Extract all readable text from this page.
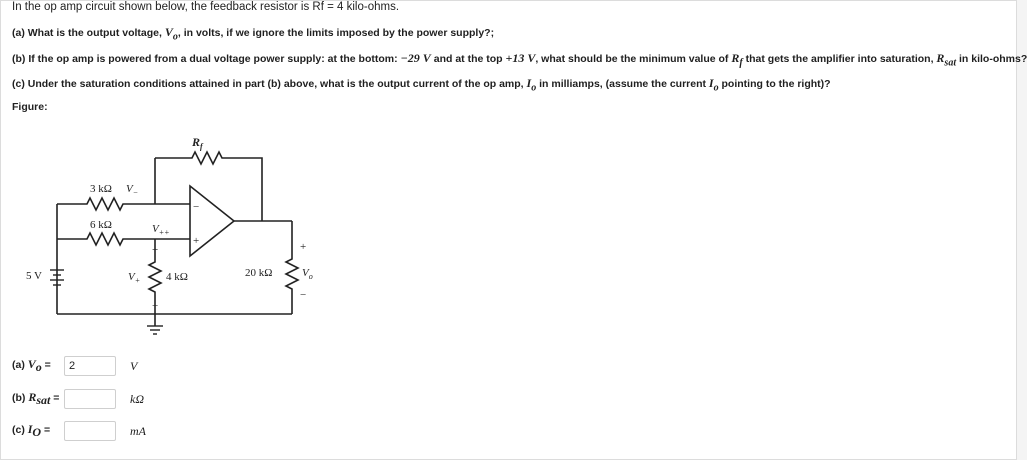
In the op amp circuit shown below, the feedback resistor is Rf = 4 kilo-ohms.
(a) What is the output voltage, $V_o$, in volts, if we ignore the limits imposed by the power supply?;
(b) If the op amp is powered from a dual voltage power supply: at the bottom: −29 V and at the top +13 V, what should be the minimum value of $R_f$ that gets the amplifier into saturation, $R_{sat}$ in kilo-ohms?
(c) Under the saturation conditions attained in part (b) above, what is the output current of the op amp, $I_o$ in milliamps, (assume the current $I_o$ pointing to the right)?
Figure:
$R_f$
3 kΩ $V_-$
6 kΩ	$V_{++}$
−
+
+
$V_+$ 4 kΩ
−
5 V	20 kΩ
+
$V_o$
−
(a) $V_o$ =
2	V
(b) $R_{sat}$ =	kΩ
(c) $I_O$ =	mA
